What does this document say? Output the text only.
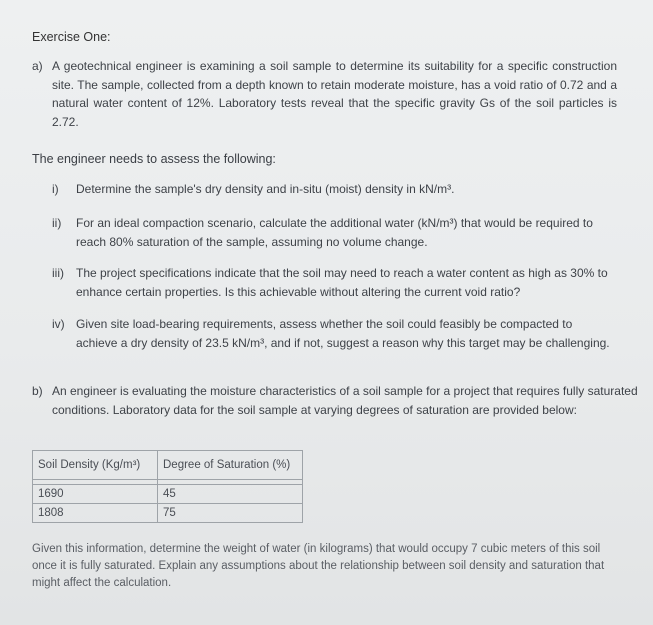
Exercise One:
a) A geotechnical engineer is examining a soil sample to determine its suitability for a specific construction site. The sample, collected from a depth known to retain moderate moisture, has a void ratio of 0.72 and a natural water content of 12%. Laboratory tests reveal that the specific gravity Gs of the soil particles is 2.72.
The engineer needs to assess the following:
i) Determine the sample's dry density and in-situ (moist) density in kN/m³.
ii) For an ideal compaction scenario, calculate the additional water (kN/m³) that would be required to reach 80% saturation of the sample, assuming no volume change.
iii) The project specifications indicate that the soil may need to reach a water content as high as 30% to enhance certain properties. Is this achievable without altering the current void ratio?
iv) Given site load-bearing requirements, assess whether the soil could feasibly be compacted to achieve a dry density of 23.5 kN/m³, and if not, suggest a reason why this target may be challenging.
b) An engineer is evaluating the moisture characteristics of a soil sample for a project that requires fully saturated conditions. Laboratory data for the soil sample at varying degrees of saturation are provided below:
Soil Density (Kg/m³)	Degree of Saturation (%)

1690	45
1808	75
Given this information, determine the weight of water (in kilograms) that would occupy 7 cubic meters of this soil once it is fully saturated. Explain any assumptions about the relationship between soil density and saturation that might affect the calculation.
